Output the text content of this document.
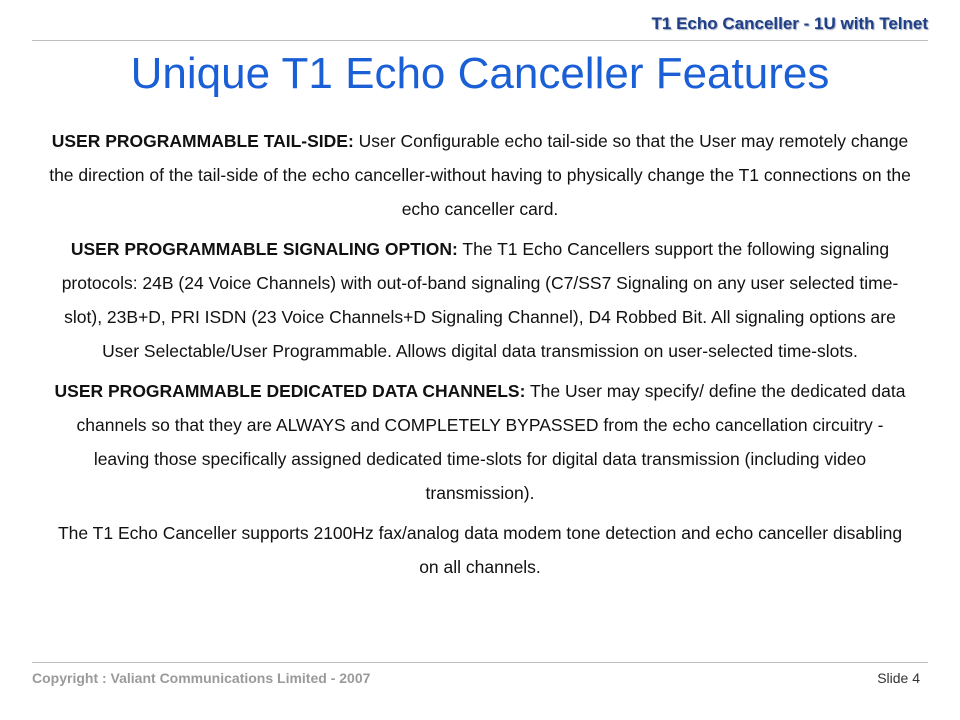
T1 Echo Canceller - 1U with Telnet
Unique T1 Echo Canceller Features

USER PROGRAMMABLE TAIL-SIDE: User Configurable echo tail-side so that the User may remotely change the direction of the tail-side of the echo canceller-without having to physically change the T1 connections on the echo canceller card.

USER PROGRAMMABLE SIGNALING OPTION: The T1 Echo Cancellers support the following signaling protocols: 24B (24 Voice Channels) with out-of-band signaling (C7/SS7 Signaling on any user selected time-slot), 23B+D, PRI ISDN (23 Voice Channels+D Signaling Channel), D4 Robbed Bit. All signaling options are User Selectable/User Programmable. Allows digital data transmission on user-selected time-slots.

USER PROGRAMMABLE DEDICATED DATA CHANNELS: The User may specify/ define the dedicated data channels so that they are ALWAYS and COMPLETELY BYPASSED from the echo cancellation circuitry - leaving those specifically assigned dedicated time-slots for digital data transmission (including video transmission).

The T1 Echo Canceller supports 2100Hz fax/analog data modem tone detection and echo canceller disabling on all channels.

Copyright : Valiant Communications Limited - 2007	Slide 4
